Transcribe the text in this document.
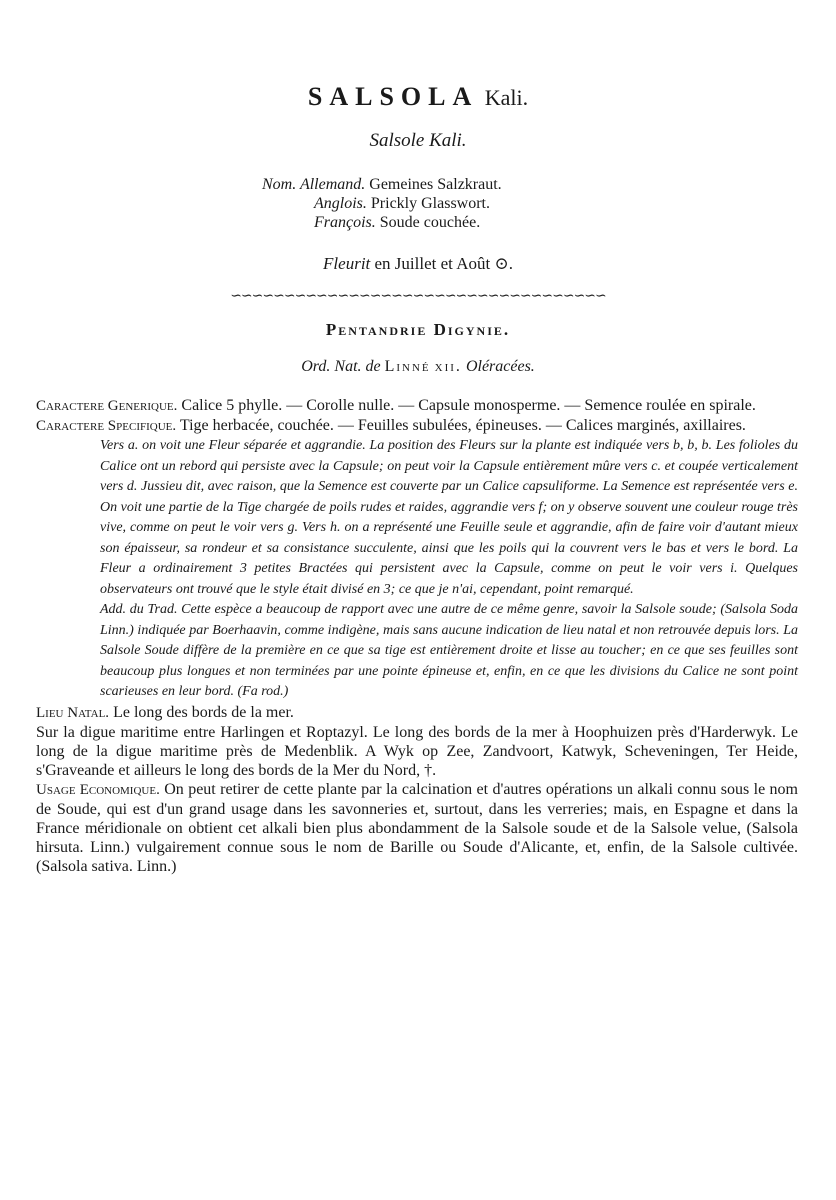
SALSOLA Kali.
Salsole Kali.
Nom. Allemand. Gemeines Salzkraut.
Anglois. Prickly Glasswort.
François. Soude couchée.
Fleurit en Juillet et Août ⊙.
∽∽∽∽∽∽∽∽∽∽∽∽∽∽∽∽∽∽∽∽∽∽∽∽∽∽∽∽∽∽∽∽∽∽∽
Pentandrie Digynie.
Ord. Nat. de Linné xii. Oléracées.

Caractere Generique. Calice 5 phylle. — Corolle nulle. — Capsule monosperme. — Semence roulée en spirale.

Caractere Specifique. Tige herbacée, couchée. — Feuilles subulées, épineuses. — Calices marginés, axillaires.

Vers a. on voit une Fleur séparée et aggrandie. La position des Fleurs sur la plante est indiquée vers b, b, b. Les folioles du Calice ont un rebord qui persiste avec la Capsule; on peut voir la Capsule entièrement mûre vers c. et coupée verticalement vers d. Jussieu dit, avec raison, que la Semence est couverte par un Calice capsuliforme. La Semence est représentée vers e. On voit une partie de la Tige chargée de poils rudes et raides, aggrandie vers f; on y observe souvent une couleur rouge très vive, comme on peut le voir vers g. Vers h. on a représenté une Feuille seule et aggrandie, afin de faire voir d'autant mieux son épaisseur, sa rondeur et sa consistance succulente, ainsi que les poils qui la couvrent vers le bas et vers le bord. La Fleur a ordinairement 3 petites Bractées qui persistent avec la Capsule, comme on peut le voir vers i. Quelques observateurs ont trouvé que le style était divisé en 3; ce que je n'ai, cependant, point remarqué.

Add. du Trad. Cette espèce a beaucoup de rapport avec une autre de ce même genre, savoir la Salsole soude; (Salsola Soda Linn.) indiquée par Boerhaavin, comme indigène, mais sans aucune indication de lieu natal et non retrouvée depuis lors. La Salsole Soude diffère de la première en ce que sa tige est entièrement droite et lisse au toucher; en ce que ses feuilles sont beaucoup plus longues et non terminées par une pointe épineuse et, enfin, en ce que les divisions du Calice ne sont point scarieuses en leur bord. (Fa rod.)

Lieu Natal. Le long des bords de la mer.

Sur la digue maritime entre Harlingen et Roptazyl. Le long des bords de la mer à Hoophuizen près d'Harderwyk. Le long de la digue maritime près de Medenblik. A Wyk op Zee, Zandvoort, Katwyk, Scheveningen, Ter Heide, s'Graveande et ailleurs le long des bords de la Mer du Nord, †.

Usage Economique. On peut retirer de cette plante par la calcination et d'autres opérations un alkali connu sous le nom de Soude, qui est d'un grand usage dans les savonneries et, surtout, dans les verreries; mais, en Espagne et dans la France méridionale on obtient cet alkali bien plus abondamment de la Salsole soude et de la Salsole velue, (Salsola hirsuta. Linn.) vulgairement connue sous le nom de Barille ou Soude d'Alicante, et, enfin, de la Salsole cultivée. (Salsola sativa. Linn.)
